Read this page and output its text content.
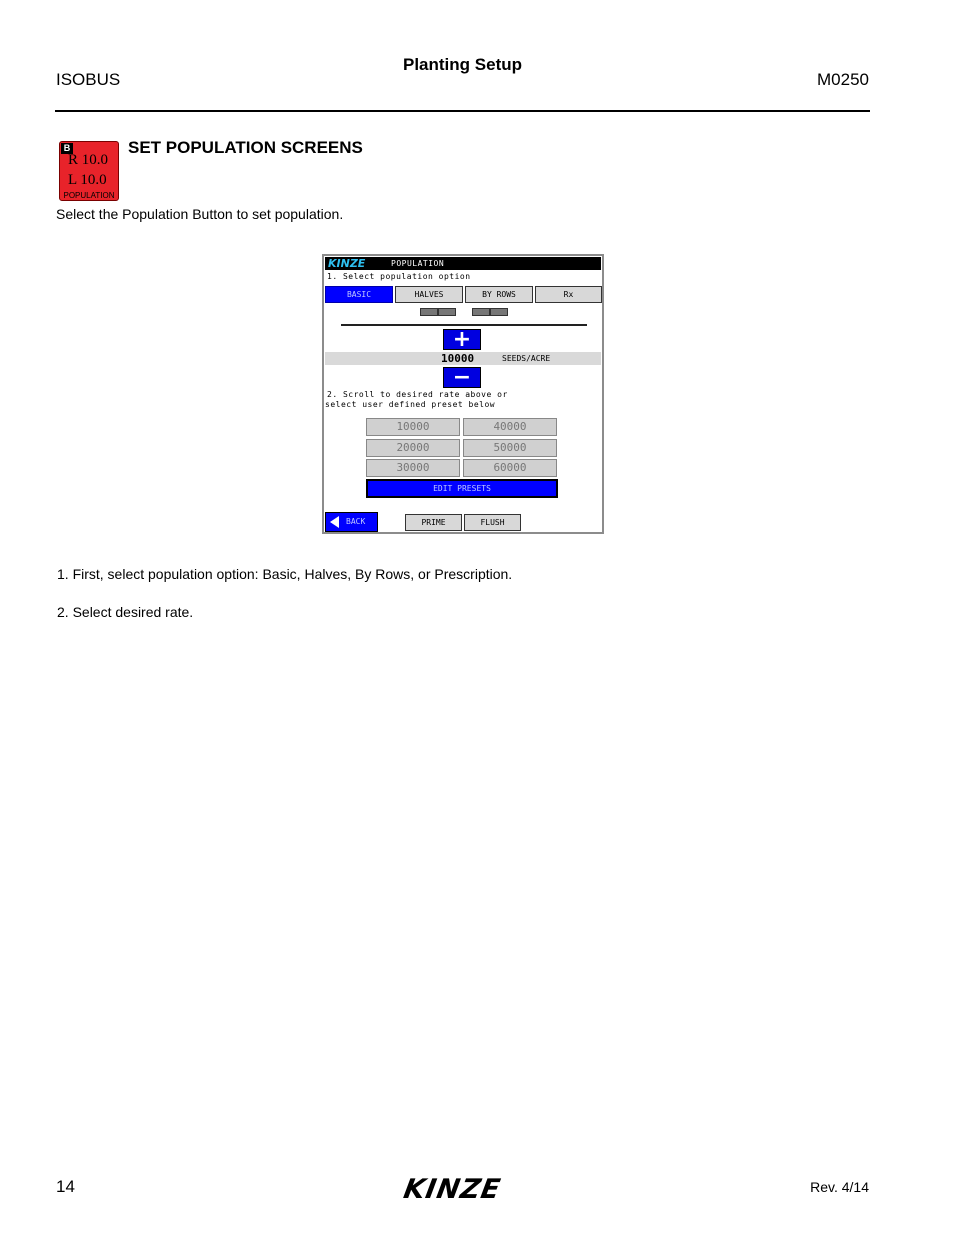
ISOBUS
Planting Setup
M0250
B
R 10.0
L 10.0
POPULATION
SET POPULATION SCREENS
Select the Population Button to set population.
KINZE	POPULATION
1. Select population option
BASIC	HALVES	BY ROWS	Rx
+
10000	SEEDS/ACRE
−
2. Scroll to desired rate above or
select user defined preset below
10000	40000
20000	50000
30000	60000
EDIT PRESETS
BACK	PRIME	FLUSH
1. First, select population option: Basic, Halves, By Rows, or Prescription.
2. Select desired rate.
14	KINZE	Rev. 4/14
